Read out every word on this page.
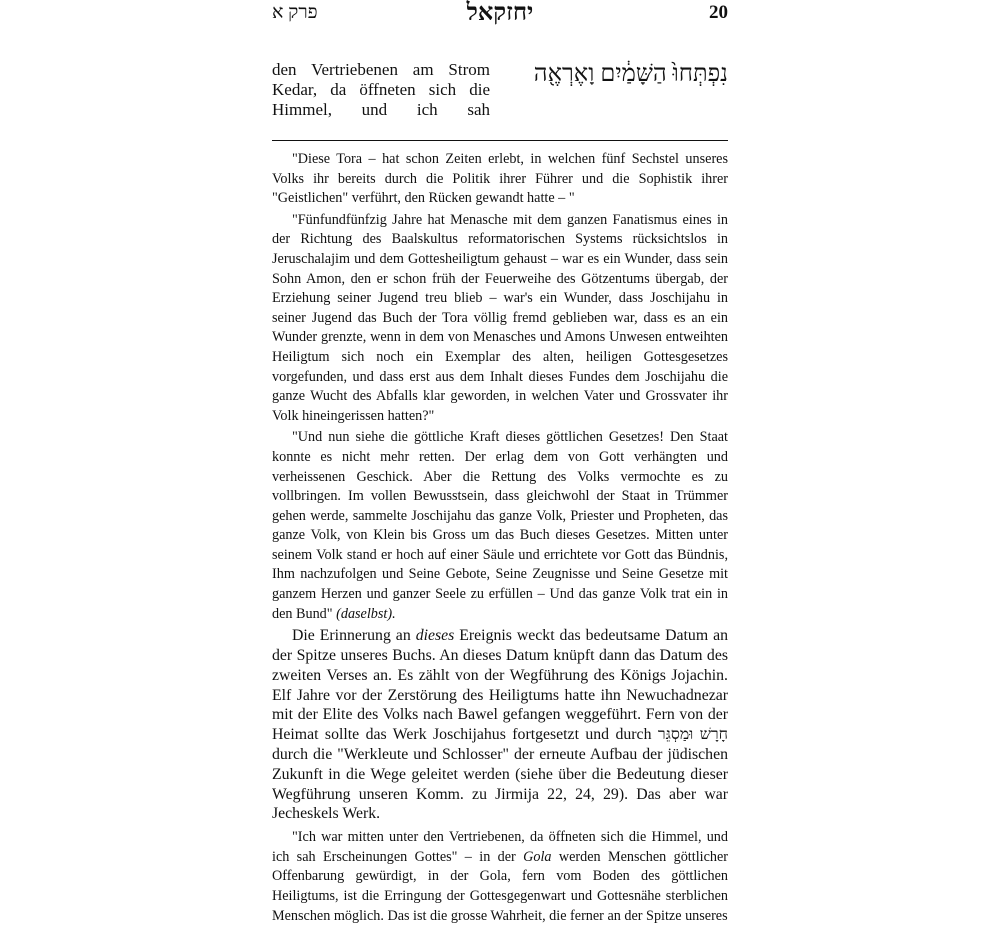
פרק א	יחזקאל	20
den Vertriebenen am Strom Kedar, da öffneten sich die Himmel, und ich sah
נִפְתְּחוּ֙ הַשָּׁמַ֔יִם וָאֶרְאֶ֖ה

"Diese Tora – hat schon Zeiten erlebt, in welchen fünf Sechstel unseres Volks ihr bereits durch die Politik ihrer Führer und die Sophistik ihrer "Geistlichen" verführt, den Rücken gewandt hatte – "

"Fünfundfünfzig Jahre hat Menasche mit dem ganzen Fanatismus eines in der Richtung des Baalskultus reformatorischen Systems rücksichtslos in Jeruschalajim und dem Gottesheiligtum gehaust – war es ein Wunder, dass sein Sohn Amon, den er schon früh der Feuerweihe des Götzentums übergab, der Erziehung seiner Jugend treu blieb – war's ein Wunder, dass Joschijahu in seiner Jugend das Buch der Tora völlig fremd geblieben war, dass es an ein Wunder grenzte, wenn in dem von Menasches und Amons Unwesen entweihten Heiligtum sich noch ein Exemplar des alten, heiligen Gottesgesetzes vorgefunden, und dass erst aus dem Inhalt dieses Fundes dem Joschijahu die ganze Wucht des Abfalls klar geworden, in welchen Vater und Grossvater ihr Volk hineingerissen hatten?"

"Und nun siehe die göttliche Kraft dieses göttlichen Gesetzes! Den Staat konnte es nicht mehr retten. Der erlag dem von Gott verhängten und verheissenen Geschick. Aber die Rettung des Volks vermochte es zu vollbringen. Im vollen Bewusstsein, dass gleichwohl der Staat in Trümmer gehen werde, sammelte Joschijahu das ganze Volk, Priester und Propheten, das ganze Volk, von Klein bis Gross um das Buch dieses Gesetzes. Mitten unter seinem Volk stand er hoch auf einer Säule und errichtete vor Gott das Bündnis, Ihm nachzufolgen und Seine Gebote, Seine Zeugnisse und Seine Gesetze mit ganzem Herzen und ganzer Seele zu erfüllen – Und das ganze Volk trat ein in den Bund" (daselbst).

Die Erinnerung an dieses Ereignis weckt das bedeutsame Datum an der Spitze unseres Buchs. An dieses Datum knüpft dann das Datum des zweiten Verses an. Es zählt von der Wegführung des Königs Jojachin. Elf Jahre vor der Zerstörung des Heiligtums hatte ihn Newuchadnezar mit der Elite des Volks nach Bawel gefangen weggeführt. Fern von der Heimat sollte das Werk Joschijahus fortgesetzt und durch חָרָשׁ וּמַסְגֵּר durch die "Werkleute und Schlosser" der erneute Aufbau der jüdischen Zukunft in die Wege geleitet werden (siehe über die Bedeutung dieser Wegführung unseren Komm. zu Jirmija 22, 24, 29). Das aber war Jecheskels Werk.

"Ich war mitten unter den Vertriebenen, da öffneten sich die Himmel, und ich sah Erscheinungen Gottes" – in der Gola werden Menschen göttlicher Offenbarung gewürdigt, in der Gola, fern vom Boden des göttlichen Heiligtums, ist die Erringung der Gottesgegenwart und Gottesnähe sterblichen Menschen möglich. Das ist die grosse Wahrheit, die ferner an der Spitze unseres
